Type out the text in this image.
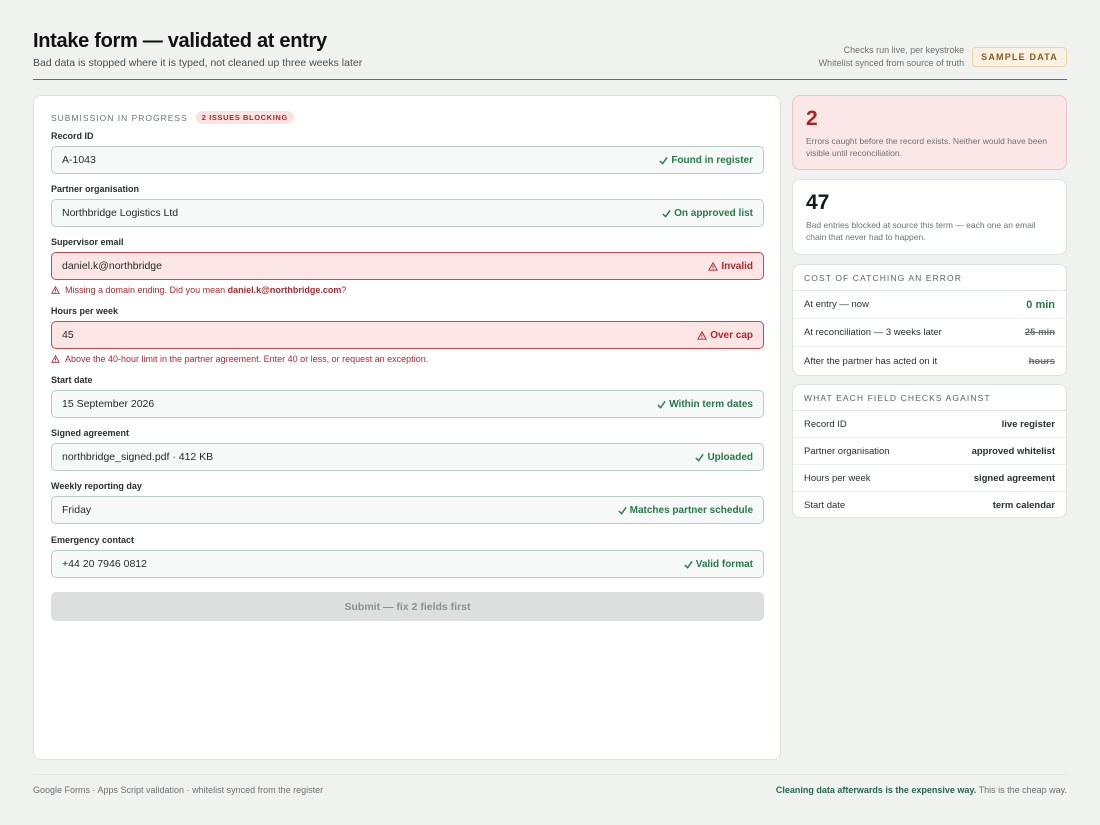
Intake form — validated at entry
Bad data is stopped where it is typed, not cleaned up three weeks later
Checks run live, per keystroke
Whitelist synced from source of truth
SAMPLE DATA
SUBMISSION IN PROGRESS	2 ISSUES BLOCKING
Record ID
A-1043	Found in register
Partner organisation
Northbridge Logistics Ltd	On approved list
Supervisor email
daniel.k@northbridge	Invalid
Missing a domain ending. Did you mean daniel.k@northbridge.com?
Hours per week
45	Over cap
Above the 40-hour limit in the partner agreement. Enter 40 or less, or request an exception.
Start date
15 September 2026	Within term dates
Signed agreement
northbridge_signed.pdf · 412 KB	Uploaded
Weekly reporting day
Friday	Matches partner schedule
Emergency contact
+44 20 7946 0812	Valid format
Submit — fix 2 fields first
2
Errors caught before the record exists. Neither would have been visible until reconciliation.
47
Bad entries blocked at source this term — each one an email chain that never had to happen.
COST OF CATCHING AN ERROR
At entry — now	0 min
At reconciliation — 3 weeks later	25 min
After the partner has acted on it	hours
WHAT EACH FIELD CHECKS AGAINST
Record ID	live register
Partner organisation	approved whitelist
Hours per week	signed agreement
Start date	term calendar
Google Forms · Apps Script validation · whitelist synced from the register	Cleaning data afterwards is the expensive way. This is the cheap way.
